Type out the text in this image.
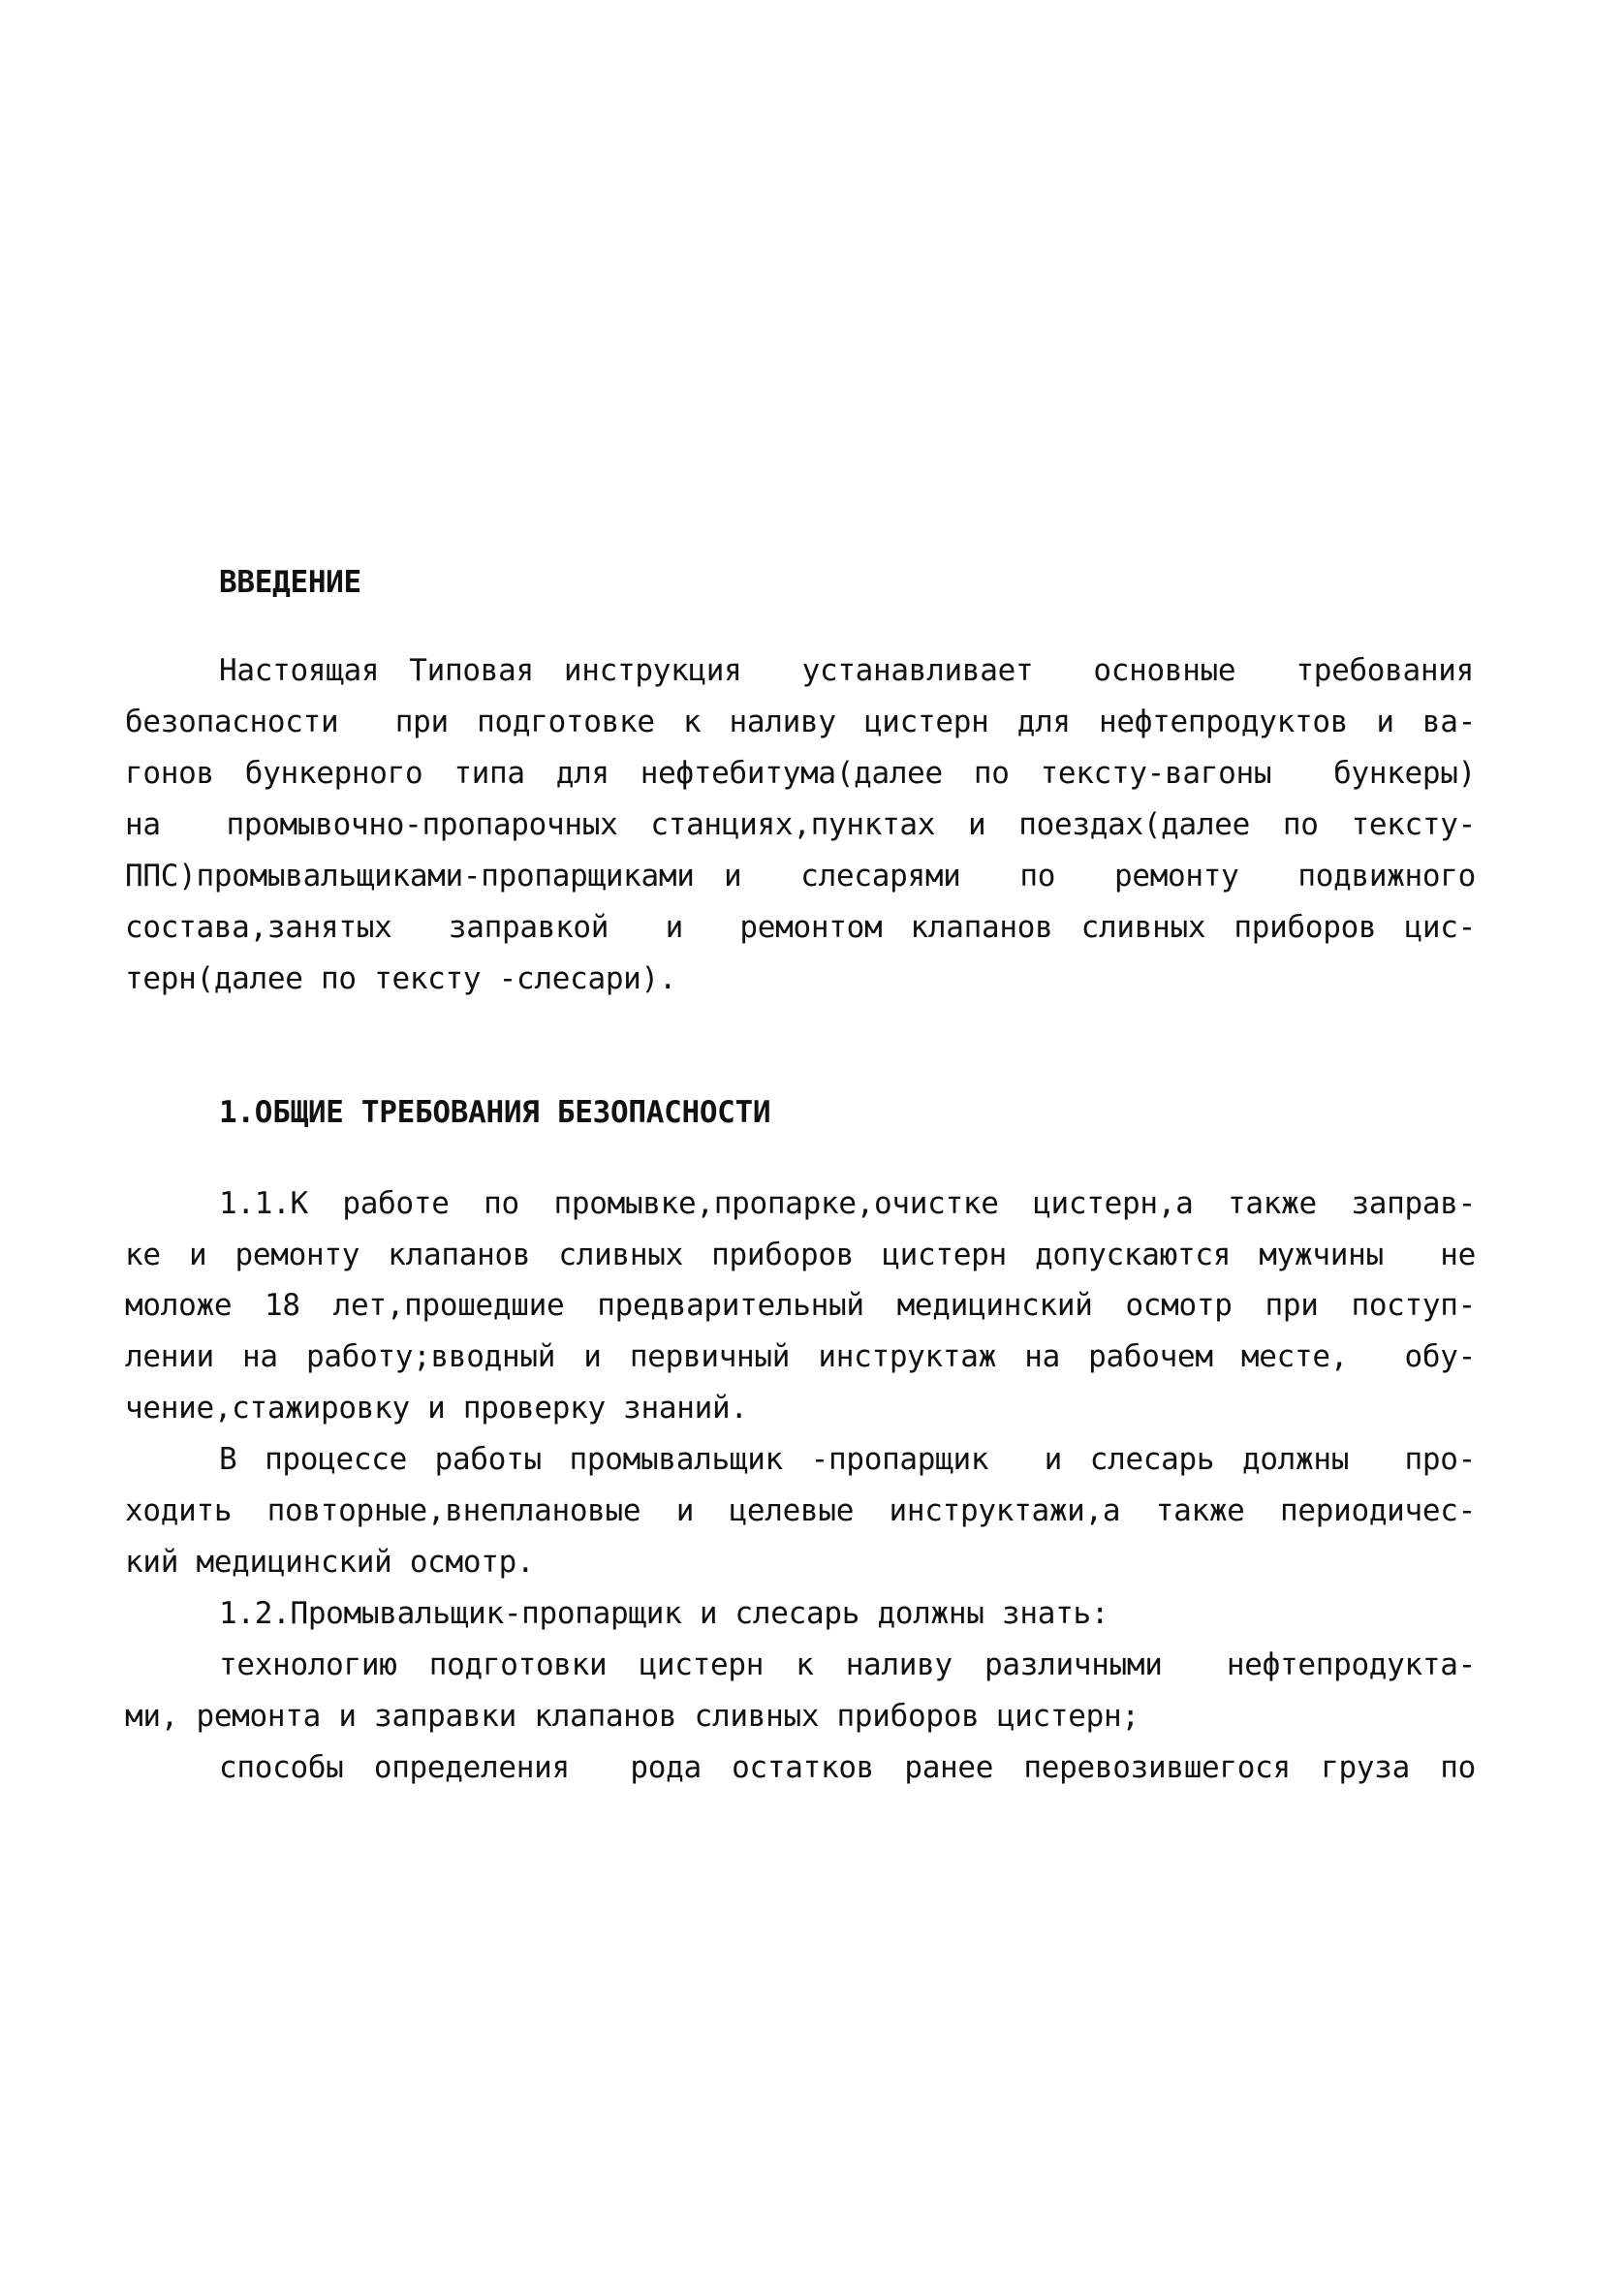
ВВЕДЕНИЕ
Настоящая Типовая инструкция  устанавливает  основные  требования
безопасности  при подготовке к наливу цистерн для нефтепродуктов и ва-
гонов бункерного типа для нефтебитума(далее по тексту-вагоны  бункеры)
на  промывочно-пропарочных станциях,пунктах и поездах(далее по тексту-
ППС)промывальщиками-пропарщиками и  слесарями  по  ремонту  подвижного
состава,занятых  заправкой  и  ремонтом клапанов сливных приборов цис-
терн(далее по тексту -слесари).
1.ОБЩИЕ ТРЕБОВАНИЯ БЕЗОПАСНОСТИ
1.1.К работе по промывке,пропарке,очистке цистерн,а также заправ-
ке и ремонту клапанов сливных приборов цистерн допускаются мужчины  не
моложе 18 лет,прошедшие предварительный медицинский осмотр при поступ-
лении на работу;вводный и первичный инструктаж на рабочем месте,  обу-
чение,стажировку и проверку знаний.
В процессе работы промывальщик -пропарщик  и слесарь должны  про-
ходить повторные,внеплановые и целевые инструктажи,а также периодичес-
кий медицинский осмотр.
1.2.Промывальщик-пропарщик и слесарь должны знать:
технологию подготовки цистерн к наливу различными  нефтепродукта-
ми, ремонта и заправки клапанов сливных приборов цистерн;
способы определения  рода остатков ранее перевозившегося груза по
